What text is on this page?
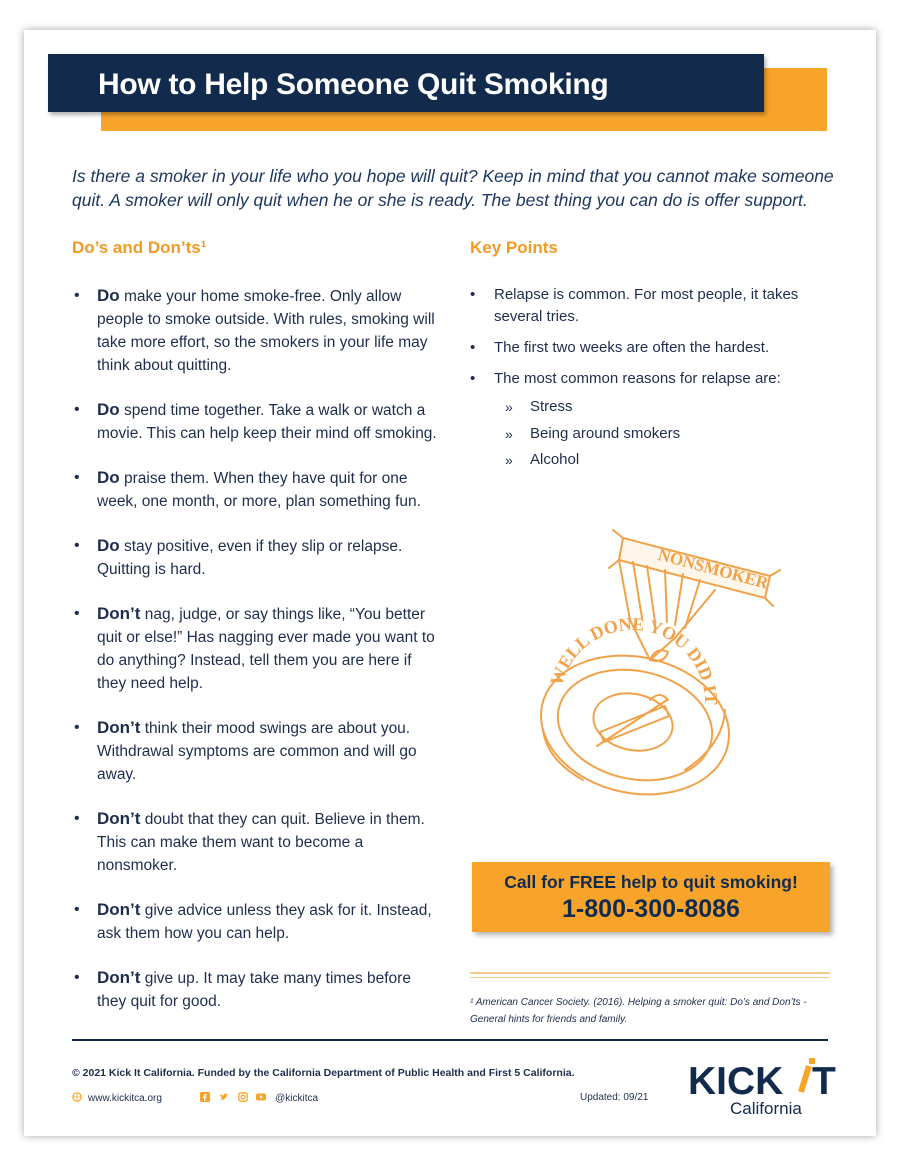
How to Help Someone Quit Smoking

Is there a smoker in your life who you hope will quit? Keep in mind that you cannot make someone quit. A smoker will only quit when he or she is ready. The best thing you can do is offer support.

Do’s and Don’ts¹	Key Points
• Do make your home smoke-free. Only allow people to smoke outside. With rules, smoking will take more effort, so the smokers in your life may think about quitting.
• Do spend time together. Take a walk or watch a movie. This can help keep their mind off smoking.
• Do praise them. When they have quit for one week, one month, or more, plan something fun.
• Do stay positive, even if they slip or relapse. Quitting is hard.
• Don’t nag, judge, or say things like, “You better quit or else!” Has nagging ever made you want to do anything? Instead, tell them you are here if they need help.
• Don’t think their mood swings are about you. Withdrawal symptoms are common and will go away.
• Don’t doubt that they can quit. Believe in them. This can make them want to become a nonsmoker.
• Don’t give advice unless they ask for it. Instead, ask them how you can help.
• Don’t give up. It may take many times before they quit for good.
• Relapse is common. For most people, it takes several tries.
• The first two weeks are often the hardest.
• The most common reasons for relapse are:
» Stress
» Being around smokers
» Alcohol
NONSMOKER
WELL DONE YOU DID IT
Call for FREE help to quit smoking!
1-800-300-8086
¹ American Cancer Society. (2016). Helping a smoker quit: Do’s and Don’ts - General hints for friends and family.
© 2021 Kick It California. Funded by the California Department of Public Health and First 5 California.
www.kickitca.org	@kickitca	Updated: 09/21 KICK T
California
